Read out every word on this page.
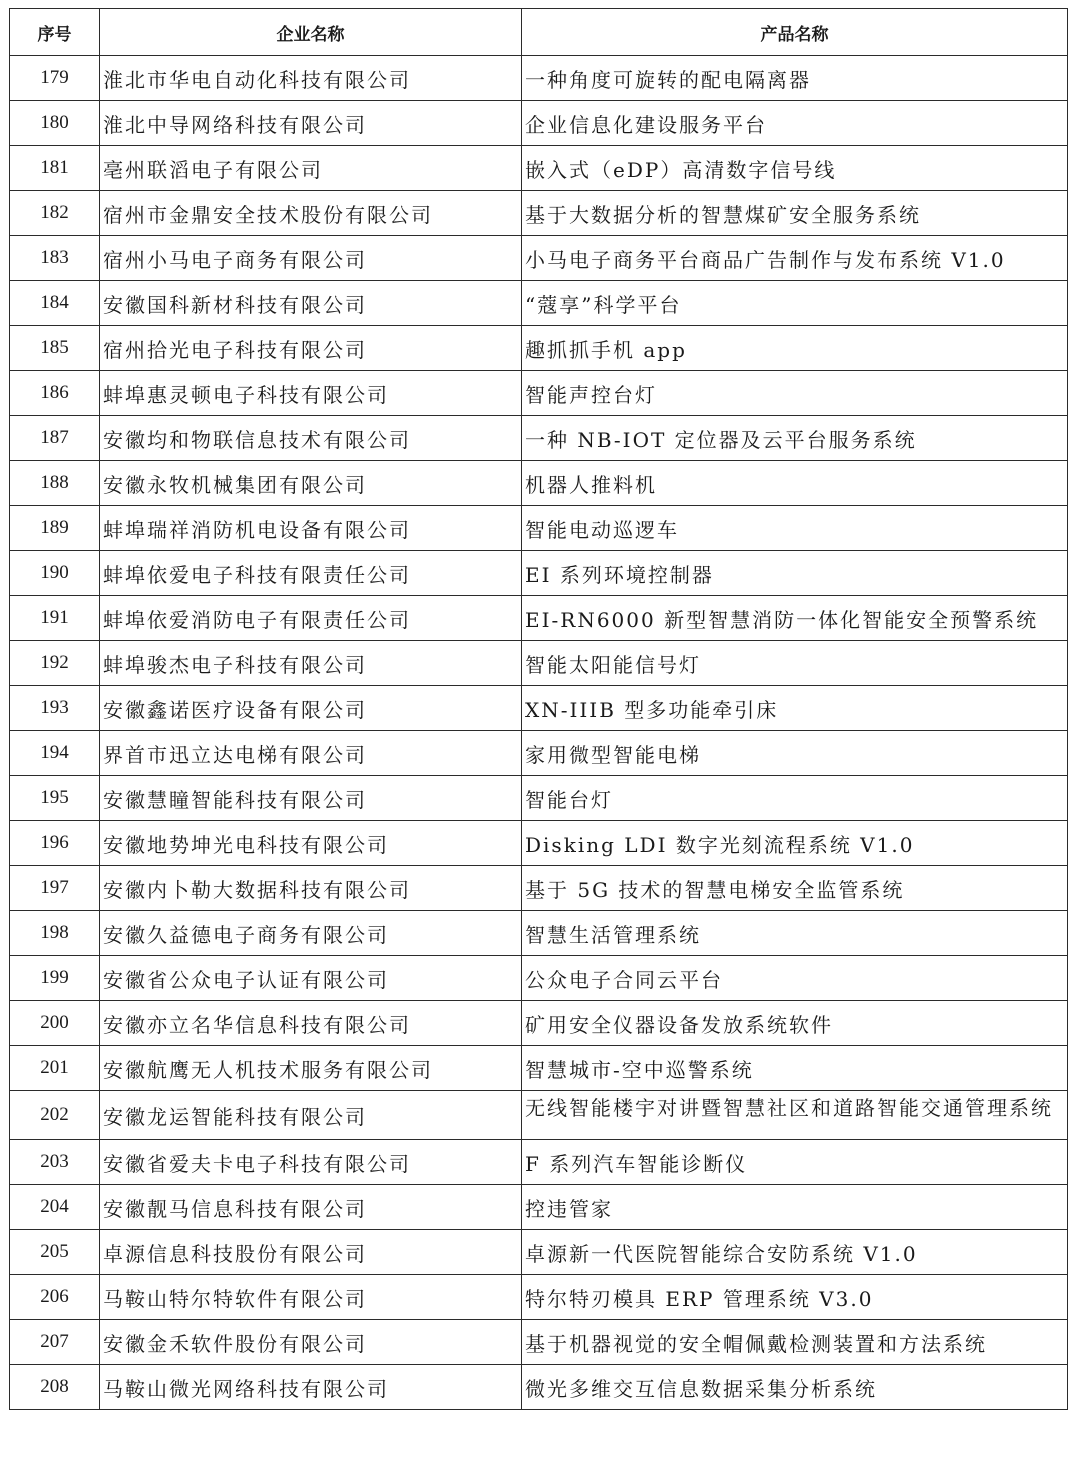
序号	企业名称	产品名称
179	淮北市华电自动化科技有限公司	一种角度可旋转的配电隔离器
180	淮北中导网络科技有限公司	企业信息化建设服务平台
181	亳州联滔电子有限公司	嵌入式（eDP）高清数字信号线
182	宿州市金鼎安全技术股份有限公司	基于大数据分析的智慧煤矿安全服务系统
183	宿州小马电子商务有限公司	小马电子商务平台商品广告制作与发布系统 V1.0
184	安徽国科新材科技有限公司	“蔻享”科学平台
185	宿州拾光电子科技有限公司	趣抓抓手机 app
186	蚌埠惠灵顿电子科技有限公司	智能声控台灯
187	安徽均和物联信息技术有限公司	一种 NB-IOT 定位器及云平台服务系统
188	安徽永牧机械集团有限公司	机器人推料机
189	蚌埠瑞祥消防机电设备有限公司	智能电动巡逻车
190	蚌埠依爱电子科技有限责任公司	EI 系列环境控制器
191	蚌埠依爱消防电子有限责任公司	EI-RN6000 新型智慧消防一体化智能安全预警系统
192	蚌埠骏杰电子科技有限公司	智能太阳能信号灯
193	安徽鑫诺医疗设备有限公司	XN-IIIB 型多功能牵引床
194	界首市迅立达电梯有限公司	家用微型智能电梯
195	安徽慧瞳智能科技有限公司	智能台灯
196	安徽地势坤光电科技有限公司	Disking LDI 数字光刻流程系统 V1.0
197	安徽内卜勒大数据科技有限公司	基于 5G 技术的智慧电梯安全监管系统
198	安徽久益德电子商务有限公司	智慧生活管理系统
199	安徽省公众电子认证有限公司	公众电子合同云平台
200	安徽亦立名华信息科技有限公司	矿用安全仪器设备发放系统软件
201	安徽航鹰无人机技术服务有限公司	智慧城市-空中巡警系统
202	安徽龙运智能科技有限公司	无线智能楼宇对讲暨智慧社区和道路智能交通管理系统
203	安徽省爱夫卡电子科技有限公司	F 系列汽车智能诊断仪
204	安徽靓马信息科技有限公司	控违管家
205	卓源信息科技股份有限公司	卓源新一代医院智能综合安防系统 V1.0
206	马鞍山特尔特软件有限公司	特尔特刃模具 ERP 管理系统 V3.0
207	安徽金禾软件股份有限公司	基于机器视觉的安全帽佩戴检测装置和方法系统
208	马鞍山微光网络科技有限公司	微光多维交互信息数据采集分析系统
